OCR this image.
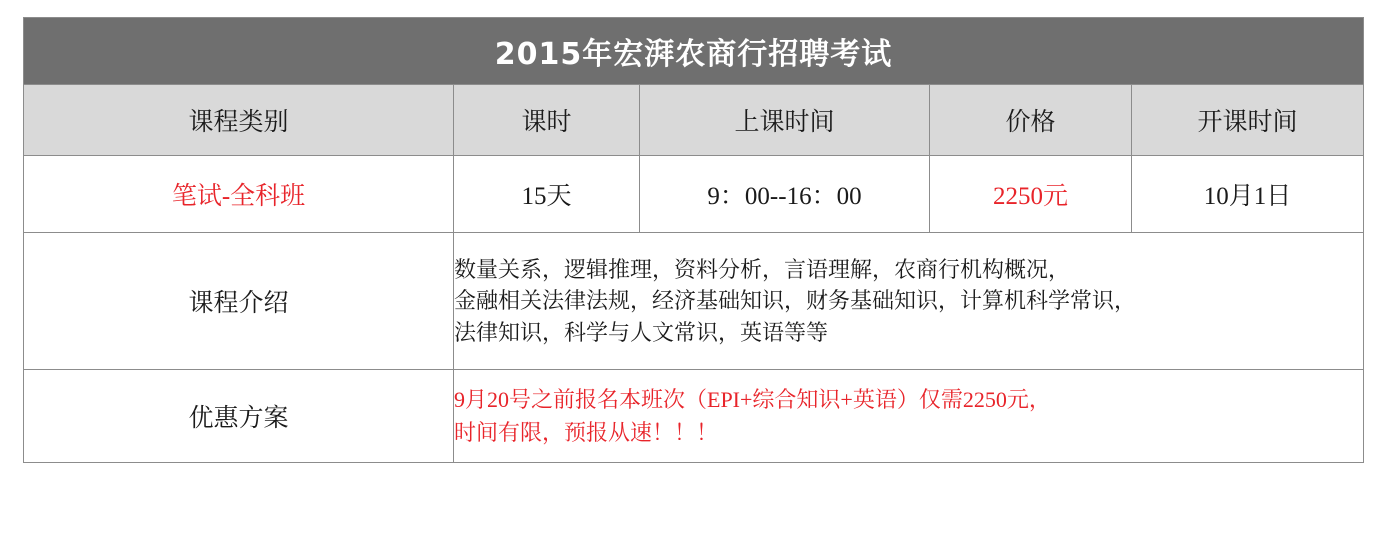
2015年宏湃农商行招聘考试				
课程类别	课时	上课时间	价格	开课时间
笔试-全科班	15天	9：00--16：00	2250元	10月1日
课程介绍	数量关系，逻辑推理，资料分析，言语理解，农商行机构概况，
金融相关法律法规，经济基础知识，财务基础知识，计算机科学常识，
法律知识，科学与人文常识，英语等等			

优惠方案	9月20号之前报名本班次（EPI+综合知识+英语）仅需2250元，
时间有限，预报从速！！！			
